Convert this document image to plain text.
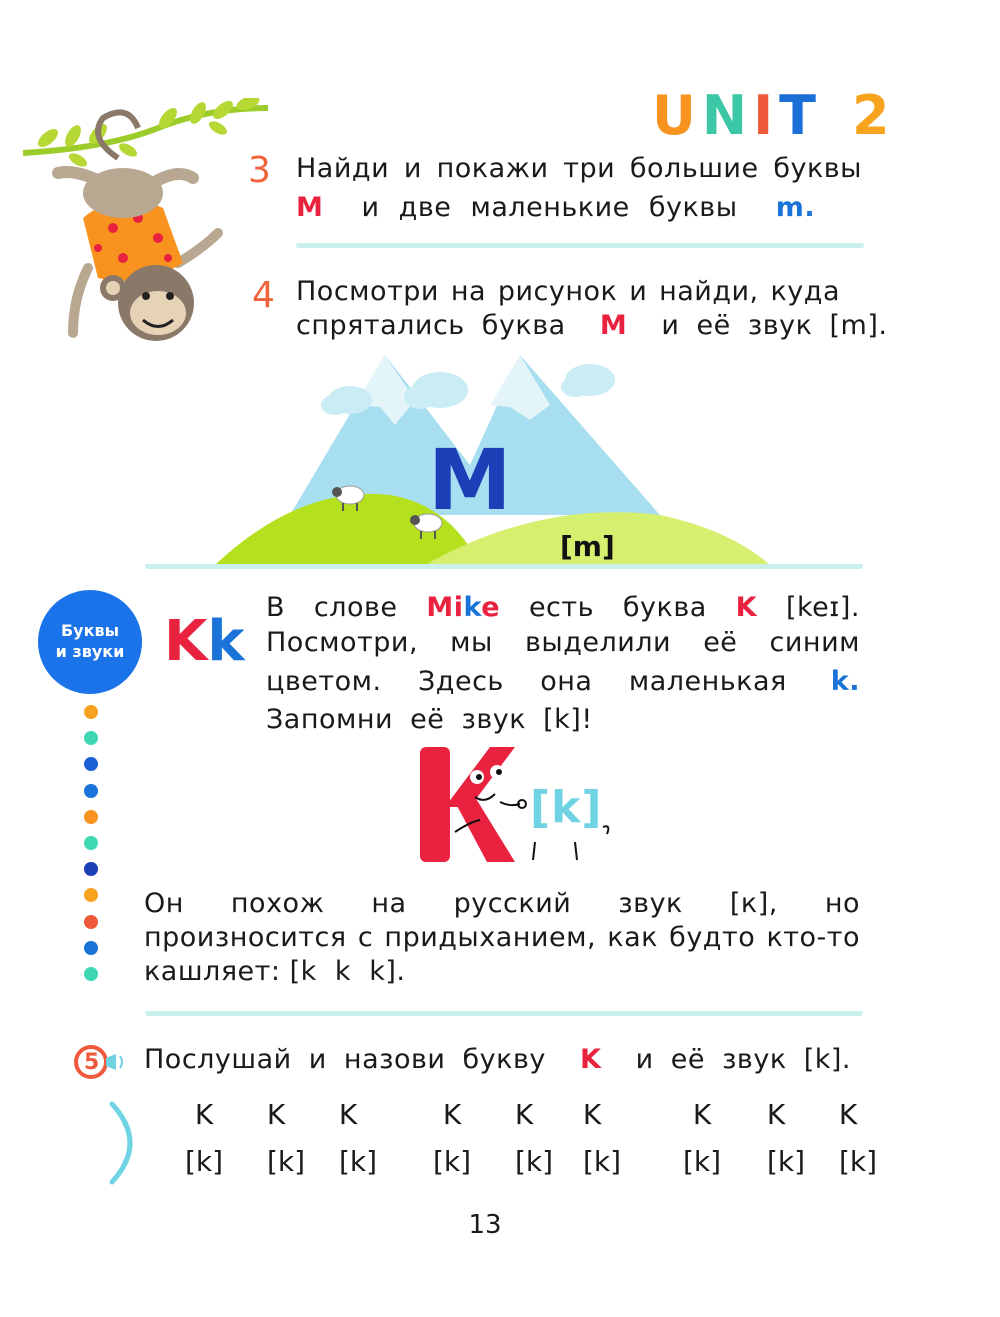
UNIT 2
3 Найди и покажи три большие буквы
M и две маленькие буквы m.
4 Посмотри на рисунок и найди, куда
спрятались буква M и её звук [m].
M
[m]
Буквы
и звуки Kk
В слове Mike есть буква K [keɪ].
Посмотри, мы выделили её синим
цветом. Здесь она маленькая k.
Запомни её звук [k]!
[k]
Он похож на русский звук [к], но
произносится с придыханием, как будто кто-то
кашляет: [k  k  k].
5 Послушай и назови букву K и её звук [k].
K
[k]
K
[k]
K
[k]
K
[k]
K
[k]
K
[k]
K
[k]
K
[k]
K
[k]
13
